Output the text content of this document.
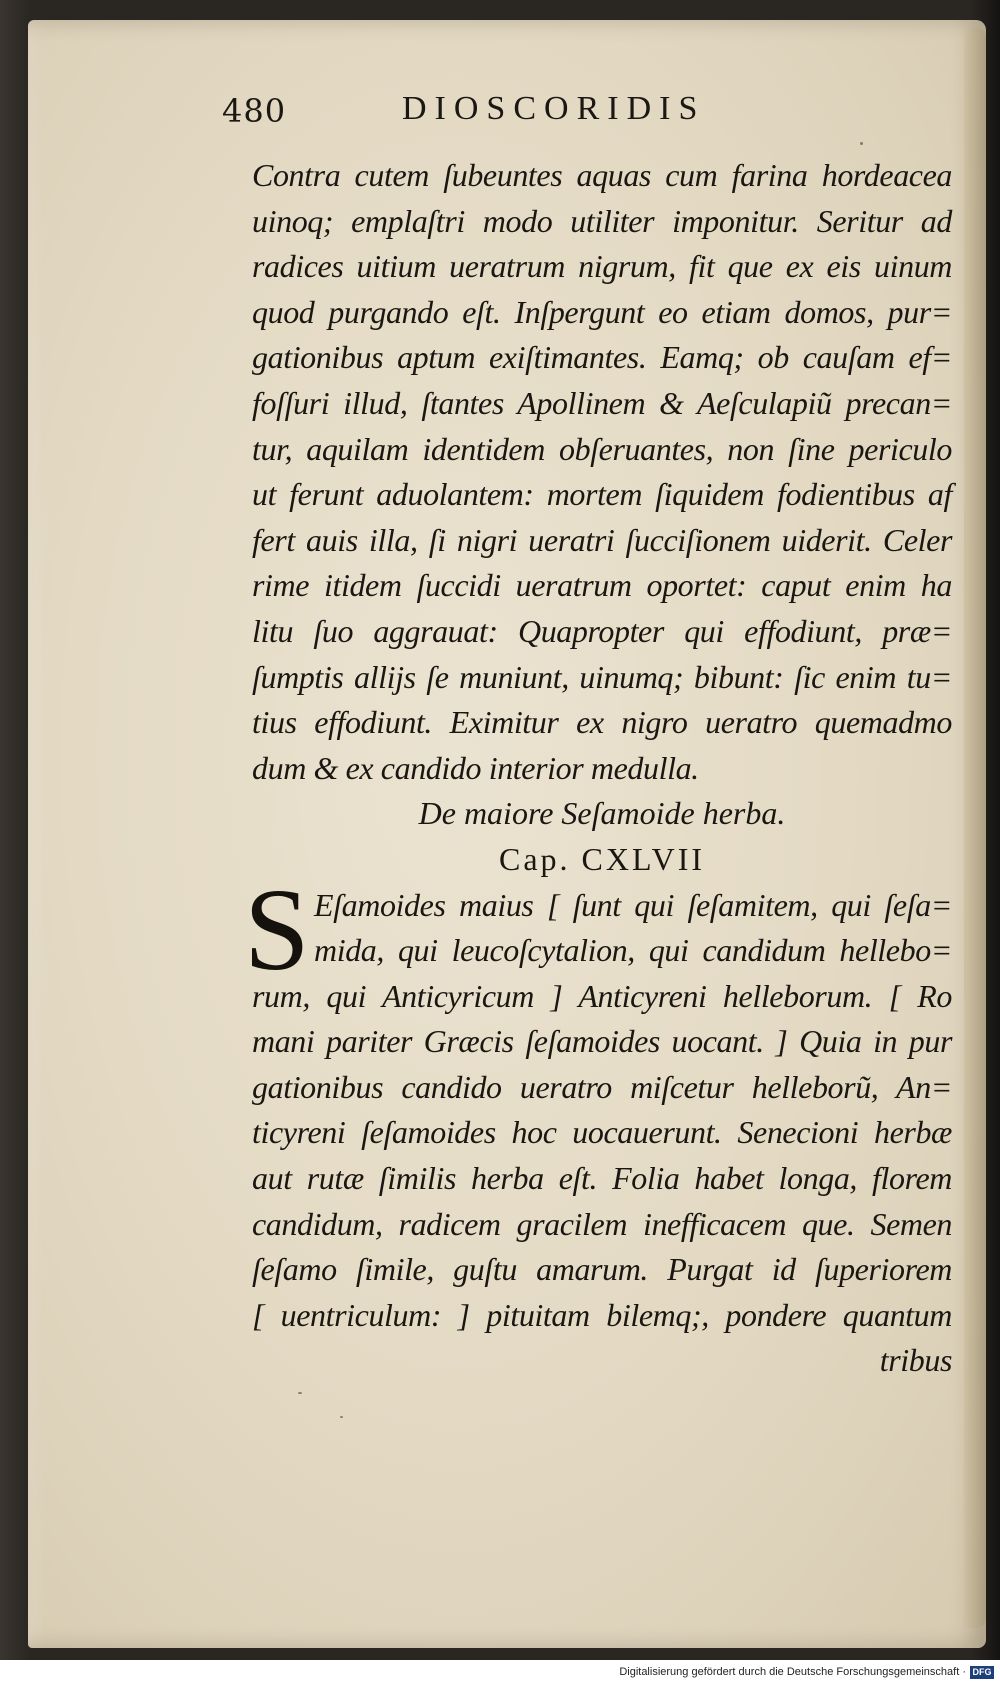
480	DIOSCORIDIS
Contra cutem ſubeuntes aquas cum farina hordeacea
uinoq; emplaſtri modo utiliter imponitur. Seritur ad
radices uitium ueratrum nigrum, fit que ex eis uinum
quod purgando eſt. Inſpergunt eo etiam domos, pur=
gationibus aptum exiſtimantes. Eamq; ob cauſam ef=
foſſuri illud, ſtantes Apollinem & Aeſculapiũ precan=
tur, aquilam identidem obſeruantes, non ſine periculo
ut ferunt aduolantem: mortem ſiquidem fodientibus af
fert auis illa, ſi nigri ueratri ſucciſionem uiderit. Celer
rime itidem ſuccidi ueratrum oportet: caput enim ha
litu ſuo aggrauat: Quapropter qui effodiunt, præ=
ſumptis allijs ſe muniunt, uinumq; bibunt: ſic enim tu=
tius effodiunt. Eximitur ex nigro ueratro quemadmo
dum & ex candido interior medulla.
De maiore Seſamoide herba.
Cap. CXLVII
S Eſamoides maius [ ſunt qui ſeſamitem, qui ſeſa=
mida, qui leucoſcytalion, qui candidum hellebo=
rum, qui Anticyricum ] Anticyreni helleborum. [ Ro
mani pariter Græcis ſeſamoides uocant. ] Quia in pur
gationibus candido ueratro miſcetur helleborũ, An=
ticyreni ſeſamoides hoc uocauerunt. Senecioni herbæ
aut rutæ ſimilis herba eſt. Folia habet longa, florem
candidum, radicem gracilem inefficacem que. Semen
ſeſamo ſimile, guſtu amarum. Purgat id ſuperiorem
[ uentriculum: ] pituitam bilemq;, pondere quantum
tribus
Digitalisierung gefördert durch die Deutsche Forschungsgemeinschaft · DFG
